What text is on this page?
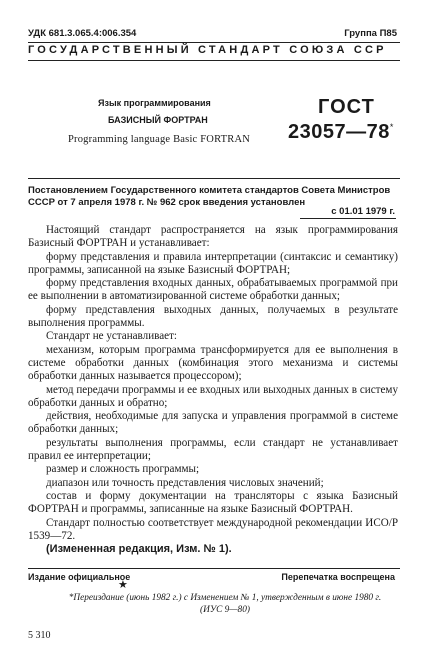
УДК 681.3.065.4:006.354	Группа П85
ГОСУДАРСТВЕННЫЙ СТАНДАРТ СОЮЗА ССР
Язык программирования
БАЗИСНЫЙ ФОРТРАН
Programming language Basic FORTRAN
ГОСТ
23057—78*
Постановлением Государственного комитета стандартов Совета Министров СССР от 7 апреля 1978 г. № 962 срок введения установлен
с 01.01 1979 г.

Настоящий стандарт распространяется на язык программирования Базисный ФОРТРАН и устанавливает:

форму представления и правила интерпретации (синтаксис и семантику) программы, записанной на языке Базисный ФОРТРАН;

форму представления входных данных, обрабатываемых программой при ее выполнении в автоматизированной системе обработки данных;

форму представления выходных данных, получаемых в результате выполнения программы.

Стандарт не устанавливает:

механизм, которым программа трансформируется для ее выполнения в системе обработки данных (комбинация этого механизма и системы обработки данных называется процессором);

метод передачи программы и ее входных или выходных данных в систему обработки данных и обратно;

действия, необходимые для запуска и управления программой в системе обработки данных;

результаты выполнения программы, если стандарт не устанавливает правил ее интерпретации;

размер и сложность программы;

диапазон или точность представления числовых значений;

состав и форму документации на трансляторы с языка Базисный ФОРТРАН и программы, записанные на языке Базисный ФОРТРАН.

Стандарт полностью соответствует международной рекомендации ИСО/Р 1539—72.

(Измененная редакция, Изм. № 1).

Издание официальное	Перепечатка воспрещена
★
*Переиздание (июнь 1982 г.) с Изменением № 1, утвержденным в июне 1980 г. (ИУС 9—80)
5 310
